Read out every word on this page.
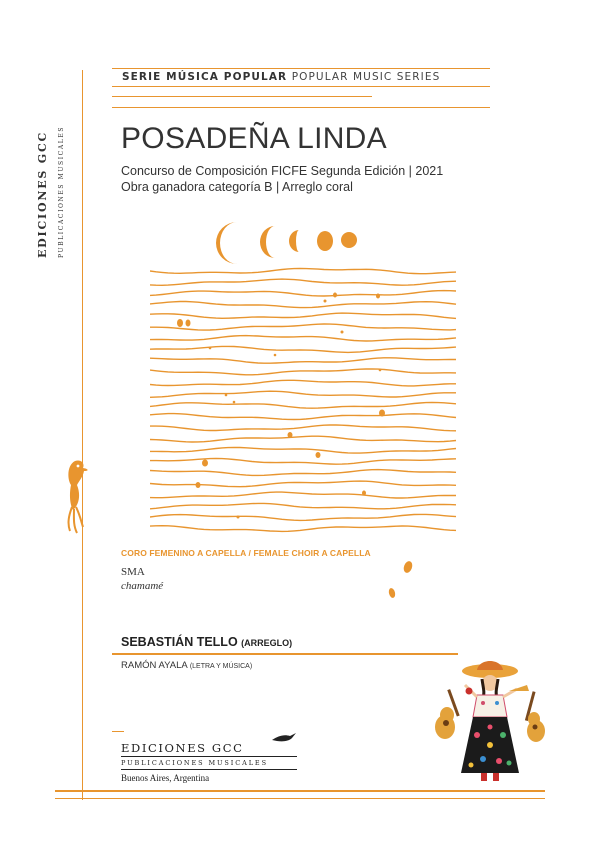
EDICIONES GCC PUBLICACIONES MUSICALES
SERIE MÚSICA POPULAR POPULAR MUSIC SERIES
POSADEÑA LINDA
Concurso de Composición FICFE Segunda Edición | 2021
Obra ganadora categoría B | Arreglo coral
CORO FEMENINO A CAPELLA / FEMALE CHOIR A CAPELLA
SMA
chamamé
SEBASTIÁN TELLO (ARREGLO)
RAMÓN AYALA (LETRA Y MÚSICA)
EDICIONES GCC
PUBLICACIONES MUSICALES
Buenos Aires, Argentina
